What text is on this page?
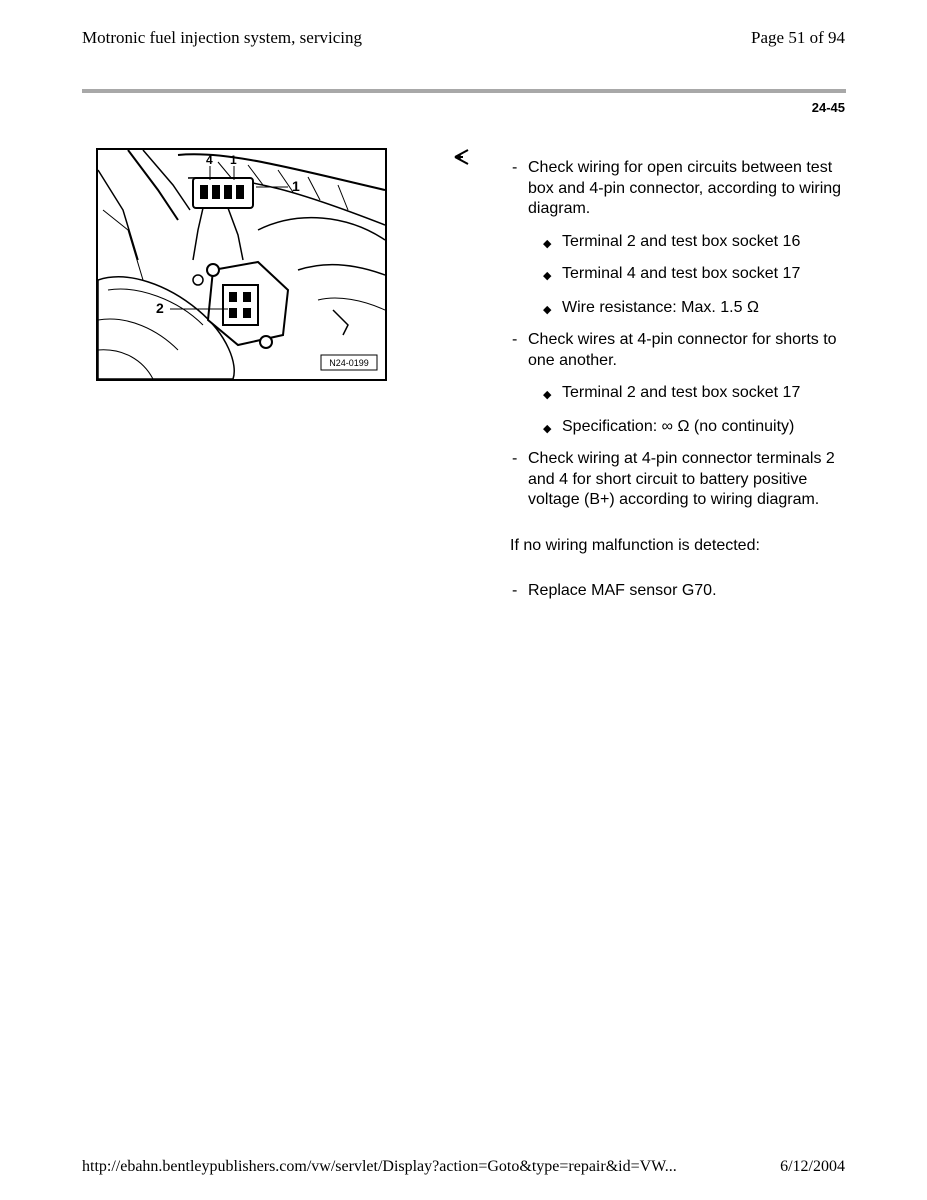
Motronic fuel injection system, servicing	Page 51 of 94
24-45
4 1
1
2
N24-0199
- Check wiring for open circuits between test box and 4-pin connector, according to wiring diagram.
◆ Terminal 2 and test box socket 16
◆ Terminal 4 and test box socket 17
◆ Wire resistance: Max. 1.5 Ω
- Check wires at 4-pin connector for shorts to one another.
◆ Terminal 2 and test box socket 17
◆ Specification: ∞ Ω (no continuity)
- Check wiring at 4-pin connector terminals 2 and 4 for short circuit to battery positive voltage (B+) according to wiring diagram.
If no wiring malfunction is detected:
- Replace MAF sensor G70.
http://ebahn.bentleypublishers.com/vw/servlet/Display?action=Goto&type=repair&id=VW...	6/12/2004
